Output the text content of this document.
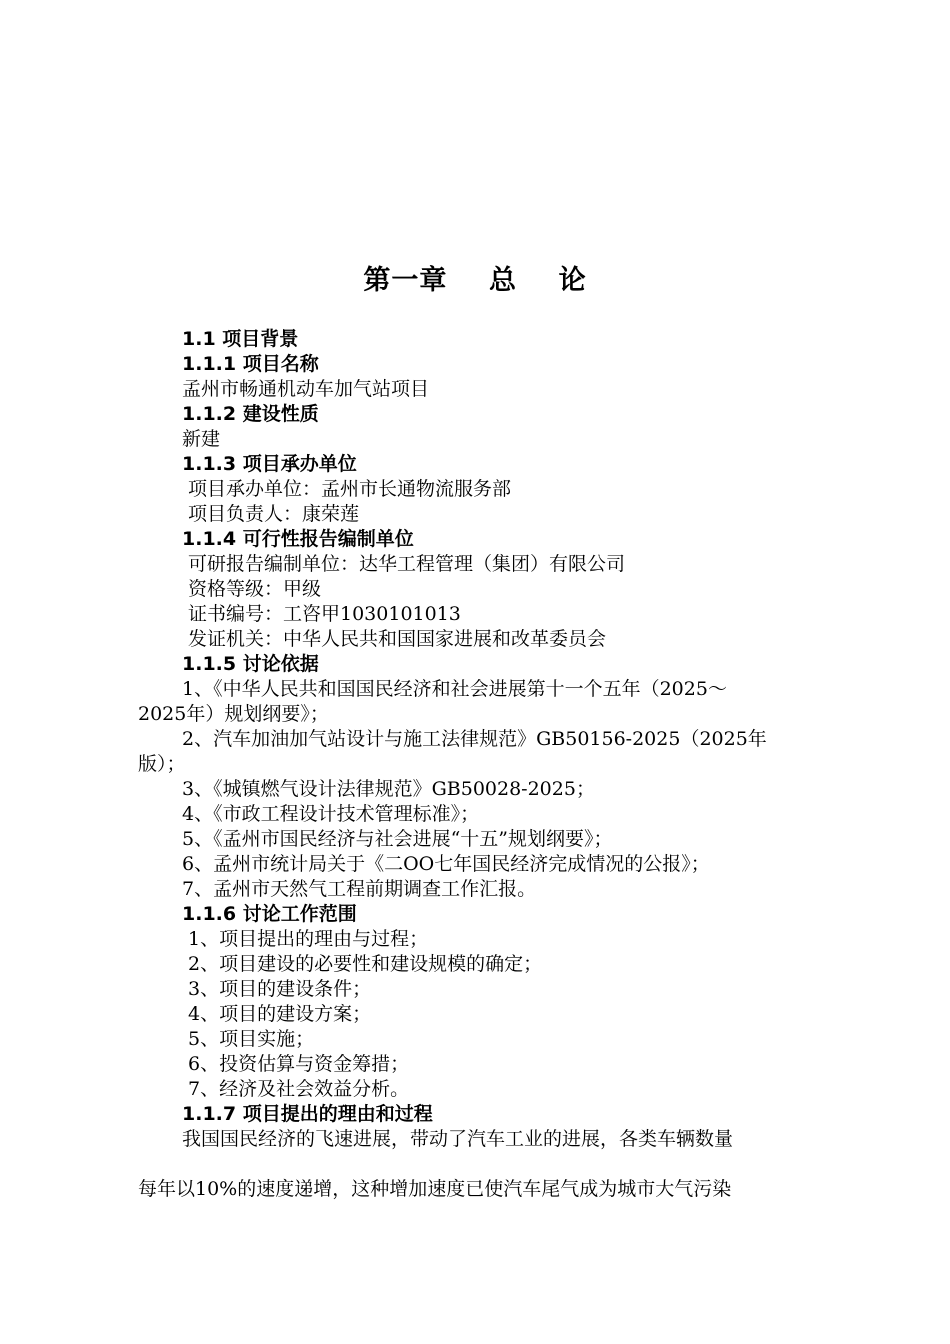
第一章    总    论
1.1 项目背景
1.1.1 项目名称
孟州市畅通机动车加气站项目
1.1.2 建设性质
新建
1.1.3 项目承办单位
项目承办单位：孟州市长通物流服务部
项目负责人：康荣莲
1.1.4 可行性报告编制单位
可研报告编制单位：达华工程管理（集团）有限公司
资格等级：甲级
证书编号：工咨甲1030101013
发证机关：中华人民共和国国家进展和改革委员会
1.1.5 讨论依据
1、《中华人民共和国国民经济和社会进展第十一个五年（2025～
2025年）规划纲要》；
2、汽车加油加气站设计与施工法律规范》GB50156-2025（2025年
版）；
3、《城镇燃气设计法律规范》GB50028-2025；
4、《市政工程设计技术管理标准》；
5、《孟州市国民经济与社会进展“十五”规划纲要》；
6、孟州市统计局关于《二OO七年国民经济完成情况的公报》；
7、孟州市天然气工程前期调查工作汇报。
1.1.6 讨论工作范围
1、项目提出的理由与过程；
2、项目建设的必要性和建设规模的确定；
3、项目的建设条件；
4、项目的建设方案；
5、项目实施；
6、投资估算与资金筹措；
7、经济及社会效益分析。
1.1.7 项目提出的理由和过程
我国国民经济的飞速进展，带动了汽车工业的进展，各类车辆数量
每年以10%的速度递增，这种增加速度已使汽车尾气成为城市大气污染
